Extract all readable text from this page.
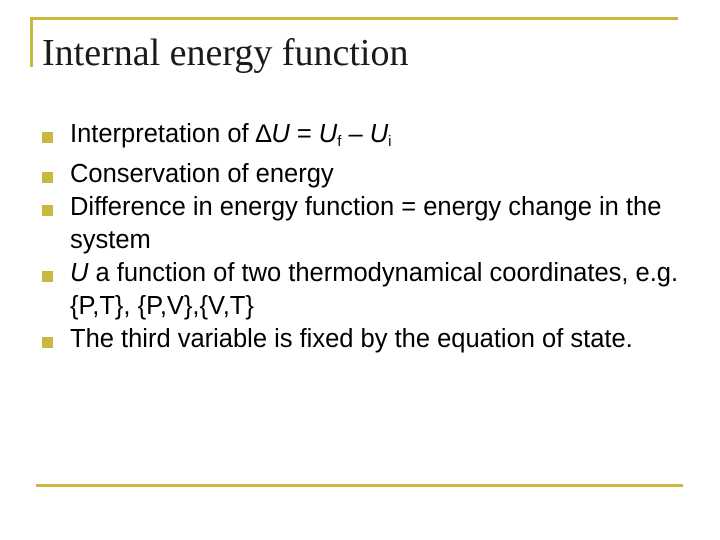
Internal energy function
Interpretation of $\Delta U = U_f - U_i$
Conservation of energy
Difference in energy function = energy change in the system
U a function of two thermodynamical coordinates, e.g. {P,T}, {P,V},{V,T}
The third variable is fixed by the equation of state.
